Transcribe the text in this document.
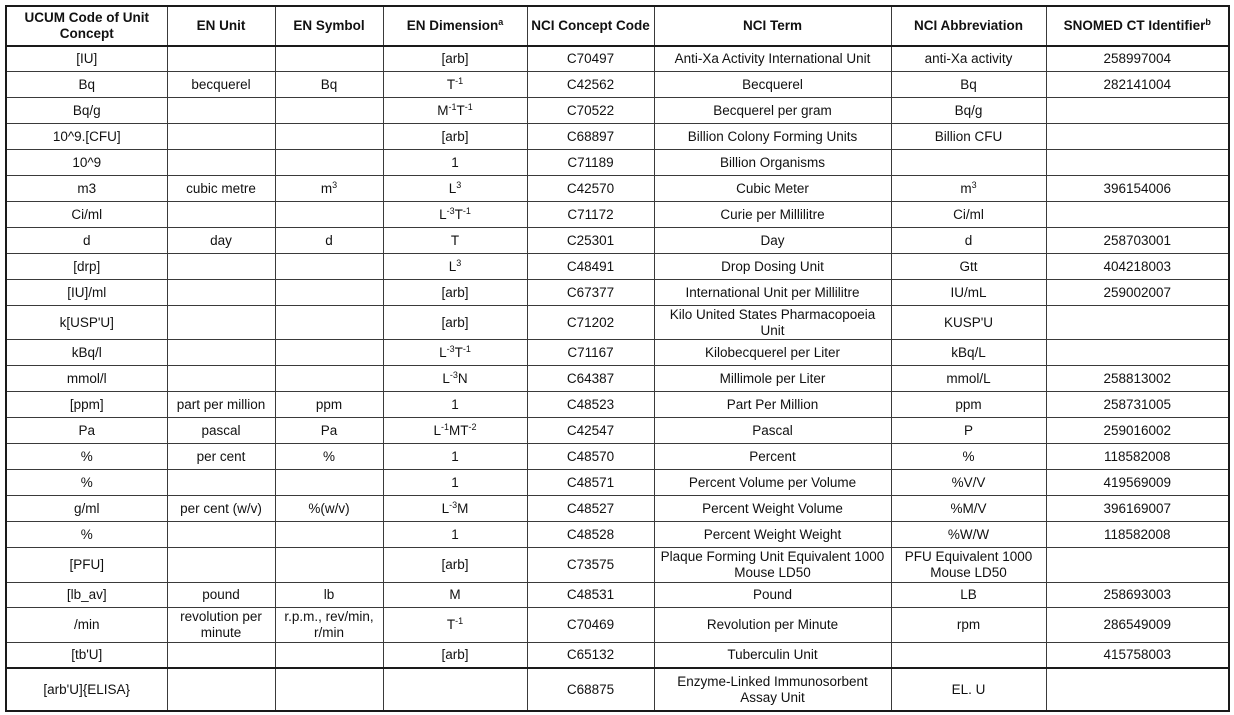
UCUM Code of Unit Concept	EN Unit	EN Symbol	EN Dimension$^a$	NCI Concept Code	NCI Term	NCI Abbreviation	SNOMED CT Identifier$^b$
[IU]			[arb]	C70497	Anti-Xa Activity International Unit	anti-Xa activity	258997004
Bq	becquerel	Bq	$T^{-1}$	C42562	Becquerel	Bq	282141004
Bq/g			$M^{-1}T^{-1}$	C70522	Becquerel per gram	Bq/g	
10^9.[CFU]			[arb]	C68897	Billion Colony Forming Units	Billion CFU	
10^9			1	C71189	Billion Organisms		
m3	cubic metre	$m^3$	$L^3$	C42570	Cubic Meter	$m^3$	396154006
Ci/ml			$L^{-3}T^{-1}$	C71172	Curie per Millilitre	Ci/ml	
d	day	d	T	C25301	Day	d	258703001
[drp]			$L^3$	C48491	Drop Dosing Unit	Gtt	404218003
[IU]/ml			[arb]	C67377	International Unit per Millilitre	IU/mL	259002007
k[USP'U]			[arb]	C71202	Kilo United States Pharmacopoeia Unit	KUSP'U	
kBq/l			$L^{-3}T^{-1}$	C71167	Kilobecquerel per Liter	kBq/L	
mmol/l			$L^{-3}N$	C64387	Millimole per Liter	mmol/L	258813002
[ppm]	part per million	ppm	1	C48523	Part Per Million	ppm	258731005
Pa	pascal	Pa	$L^{-1}MT^{-2}$	C42547	Pascal	P	259016002
%	per cent	%	1	C48570	Percent	%	118582008
%			1	C48571	Percent Volume per Volume	%V/V	419569009
g/ml	per cent (w/v)	%(w/v)	$L^{-3}M$	C48527	Percent Weight Volume	%M/V	396169007
%			1	C48528	Percent Weight Weight	%W/W	118582008
[PFU]			[arb]	C73575	Plaque Forming Unit Equivalent 1000 Mouse LD50	PFU Equivalent 1000 Mouse LD50	
[lb_av]	pound	lb	M	C48531	Pound	LB	258693003
/min	revolution per minute	r.p.m., rev/min, r/min	$T^{-1}$	C70469	Revolution per Minute	rpm	286549009
[tb'U]			[arb]	C65132	Tuberculin Unit		415758003
[arb'U]{ELISA}				C68875	Enzyme-Linked Immunosorbent Assay Unit	EL. U	
